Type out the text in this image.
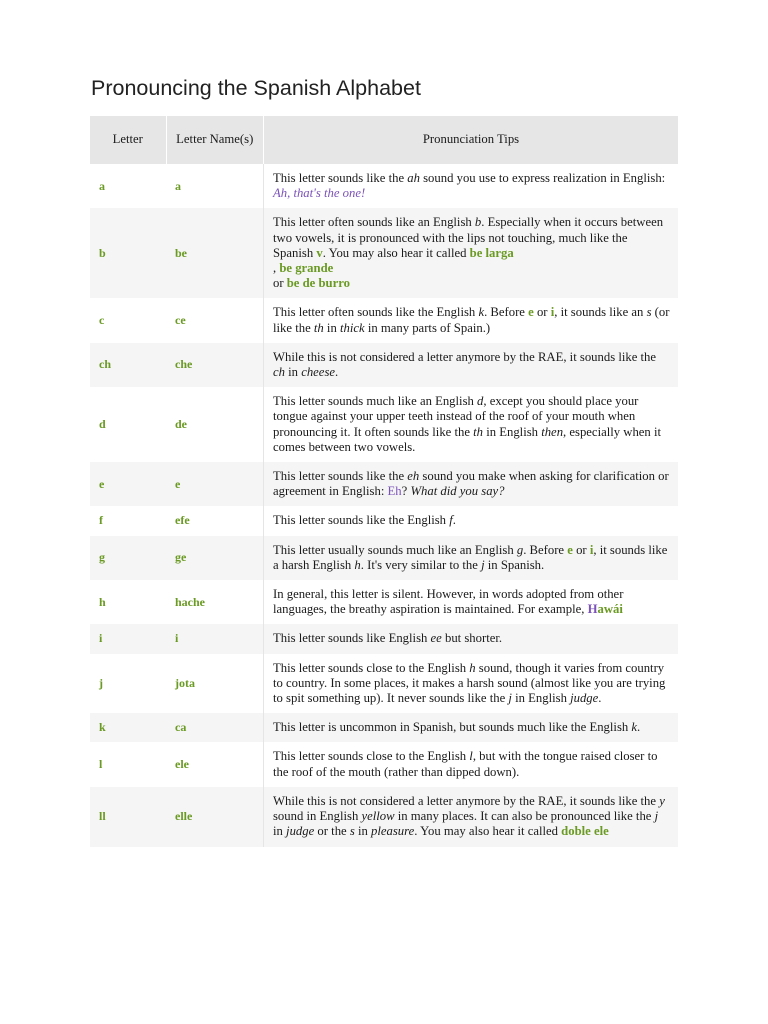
Pronouncing the Spanish Alphabet
Letter	Letter Name(s)	Pronunciation Tips
a	a	This letter sounds like the ah sound you use to express realization in English: Ah, that's the one!
b	be	This letter often sounds like an English b. Especially when it occurs between two vowels, it is pronounced with the lips not touching, much like the Spanish v. You may also hear it called be larga
, be grande
or be de burro
c	ce	This letter often sounds like the English k. Before e or i, it sounds like an s (or like the th in thick in many parts of Spain.)
ch	che	While this is not considered a letter anymore by the RAE, it sounds like the ch in cheese.
d	de	This letter sounds much like an English d, except you should place your tongue against your upper teeth instead of the roof of your mouth when pronouncing it. It often sounds like the th in English then, especially when it comes between two vowels.
e	e	This letter sounds like the eh sound you make when asking for clarification or agreement in English: Eh? What did you say?
f	efe	This letter sounds like the English f.
g	ge	This letter usually sounds much like an English g. Before e or i, it sounds like a harsh English h. It's very similar to the j in Spanish.
h	hache	In general, this letter is silent. However, in words adopted from other languages, the breathy aspiration is maintained. For example, Hawái
i	i	This letter sounds like English ee but shorter.
j	jota	This letter sounds close to the English h sound, though it varies from country to country. In some places, it makes a harsh sound (almost like you are trying to spit something up). It never sounds like the j in English judge.
k	ca	This letter is uncommon in Spanish, but sounds much like the English k.
l	ele	This letter sounds close to the English l, but with the tongue raised closer to the roof of the mouth (rather than dipped down).
ll	elle	While this is not considered a letter anymore by the RAE, it sounds like the y sound in English yellow in many places. It can also be pronounced like the j in judge or the s in pleasure. You may also hear it called doble ele
